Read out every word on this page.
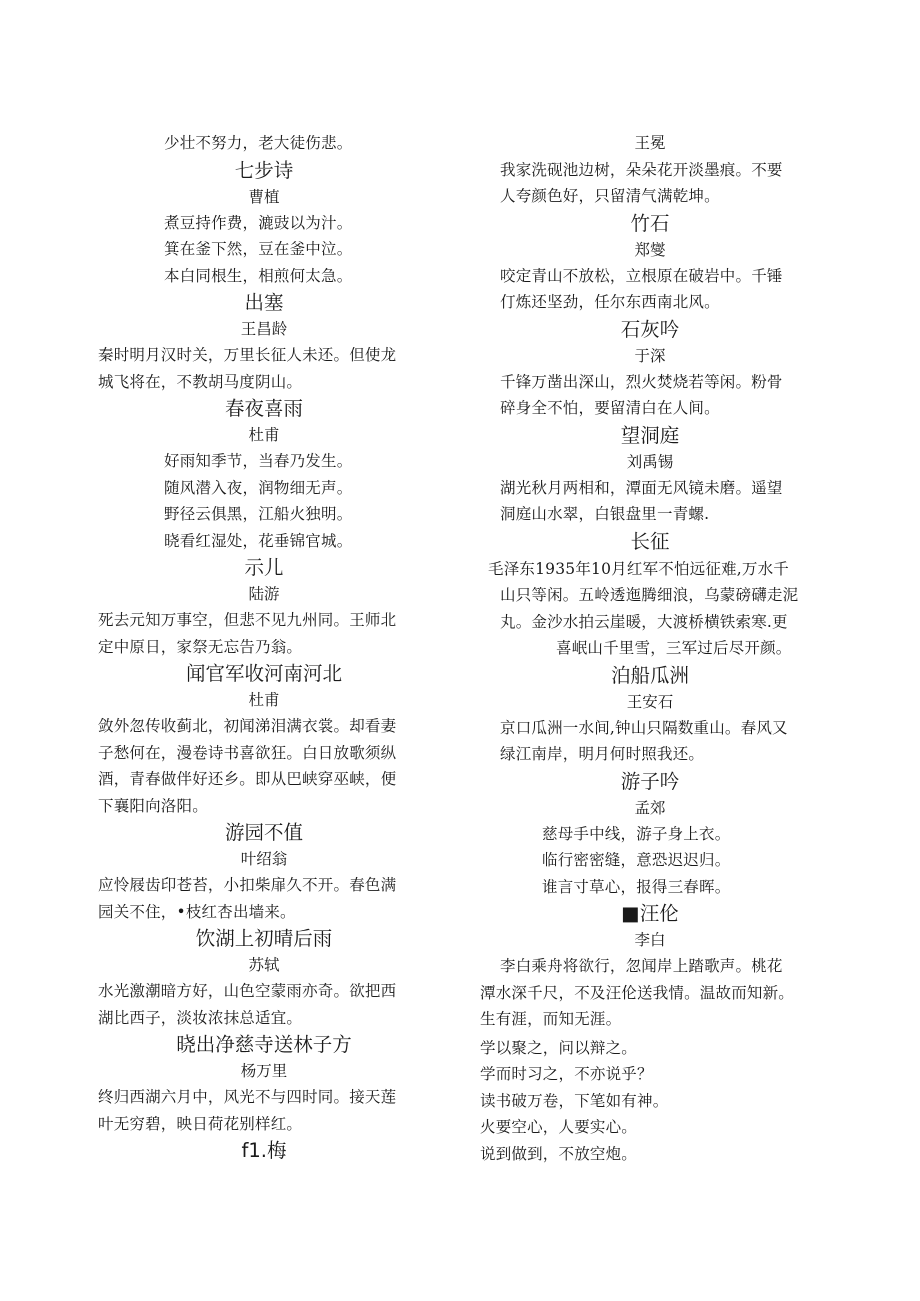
少壮不努力，老大徒伤悲。
七步诗
曹植
煮豆持作费，漉豉以为汁。
箕在釜下然，豆在釜中泣。
本白同根生，相煎何太急。
出塞
王昌龄
秦时明月汉时关，万里长征人未还。但使龙
城飞将在，不教胡马度阴山。
春夜喜雨
杜甫
好雨知季节，当春乃发生。
随风潜入夜，润物细无声。
野径云俱黑，江船火独明。
晓看红湿处，花垂锦官城。
示儿
陆游
死去元知万事空，但悲不见九州同。王师北
定中原日，家祭无忘告乃翁。
闻官军收河南河北
杜甫
敛外忽传收蓟北，初闻涕泪满衣裳。却看妻
子愁何在，漫卷诗书喜欲狂。白日放歌须纵
酒，青春做伴好还乡。即从巴峡穿巫峡，便
下襄阳向洛阳。
游园不值
叶绍翁
应怜屐齿印苍苔，小扣柴扉久不开。春色满
园关不住，•枝红杏出墙来。
饮湖上初晴后雨
苏轼
水光激潮暗方好，山色空蒙雨亦奇。欲把西
湖比西子，淡妆浓抹总适宜。
晓出净慈寺送林子方
杨万里
终归西湖六月中，风光不与四时同。接天莲
叶无穷碧，映日荷花别样红。
f1.梅
王冕
我家洗砚池边树，朵朵花开淡墨痕。不要
人夸颜色好，只留清气满乾坤。
竹石
郑燮
咬定青山不放松，立根原在破岩中。千锤
仃炼还坚劲，任尔东西南北风。
石灰吟
于深
千锋万凿出深山，烈火焚烧若等闲。粉骨
碎身全不怕，要留清白在人间。
望洞庭
刘禹锡
湖光秋月两相和，潭面无风镜未磨。遥望
洞庭山水翠，白银盘里一青螺.
长征
毛泽东1935年10月红军不怕远征难,万水千
山只等闲。五岭透迤腾细浪，乌蒙磅礴走泥
丸。金沙水拍云崖暖，大渡桥横铁索寒.更
喜岷山千里雪，三军过后尽开颜。
泊船瓜洲
王安石
京口瓜洲一水间,钟山只隔数重山。春风又
绿江南岸，明月何时照我还。
游子吟
孟郊
慈母手中线，游子身上衣。
临行密密缝，意恐迟迟归。
谁言寸草心，报得三春晖。
■汪伦
李白
李白乘舟将欲行，忽闻岸上踏歌声。桃花
潭水深千尺，不及汪伦送我情。温故而知新。
生有涯，而知无涯。
学以聚之，问以辩之。
学而时习之，不亦说乎？
读书破万卷，下笔如有神。
火要空心，人要实心。
说到做到，不放空炮。
